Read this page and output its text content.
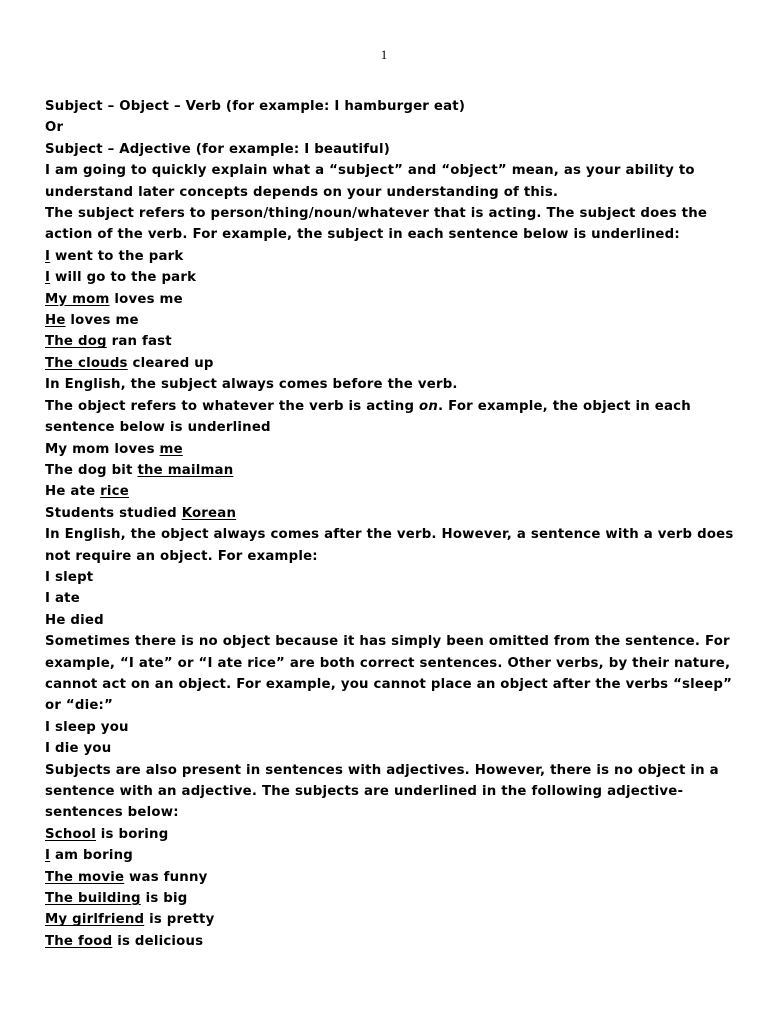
1

Subject – Object – Verb (for example: I hamburger eat)

Or

Subject – Adjective (for example: I beautiful)

I am going to quickly explain what a “subject” and “object” mean, as your ability to

understand later concepts depends on your understanding of this.

The subject refers to person/thing/noun/whatever that is acting. The subject does the

action of the verb. For example, the subject in each sentence below is underlined:

I went to the park

I will go to the park

My mom loves me

He loves me

The dog ran fast

The clouds cleared up

In English, the subject always comes before the verb.

The object refers to whatever the verb is acting on. For example, the object in each

sentence below is underlined

My mom loves me

The dog bit the mailman

He ate rice

Students studied Korean

In English, the object always comes after the verb. However, a sentence with a verb does

not require an object. For example:

I slept

I ate

He died

Sometimes there is no object because it has simply been omitted from the sentence. For

example, “I ate” or “I ate rice” are both correct sentences. Other verbs, by their nature,

cannot act on an object. For example, you cannot place an object after the verbs “sleep”

or “die:”

I sleep you

I die you

Subjects are also present in sentences with adjectives. However, there is no object in a

sentence with an adjective. The subjects are underlined in the following adjective-

sentences below:

School is boring

I am boring

The movie was funny

The building is big

My girlfriend is pretty

The food is delicious
